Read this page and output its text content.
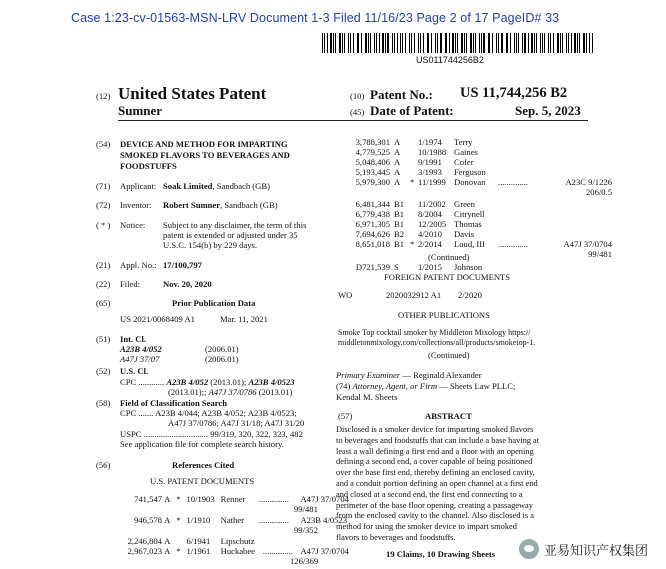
Case 1:23-cv-01563-MSN-LRV Document 1-3 Filed 11/16/23 Page 2 of 17 PageID# 33
US011744256B2
(12) United States Patent
Sumner
(10) Patent No.: US 11,744,256 B2
(45) Date of Patent:	Sep. 5, 2023
(54) DEVICE AND METHOD FOR IMPARTING
SMOKED FLAVORS TO BEVERAGES AND
FOODSTUFFS
(71) Applicant: Soak Limited, Sandbach (GB)
(72) Inventor: Robert Sumner, Sandbach (GB)
( * ) Notice: Subject to any disclaimer, the term of this
patent is extended or adjusted under 35
U.S.C. 154(b) by 229 days.
(21) Appl. No.: 17/100,797
(22) Filed:	Nov. 20, 2020
(65)	Prior Publication Data
US 2021/0068409 A1	Mar. 11, 2021
(51) Int. Cl.
A23B 4/052	(2006.01)
A47J 37/07	(2006.01)
(52) U.S. Cl.
CPC ............ A23B 4/052 (2013.01); A23B 4/0523
(2013.01);; A47J 37/0786 (2013.01)
(58) Field of Classification Search
CPC ....... A23B 4/044; A23B 4/052; A23B 4/0523;
A47J 37/0786; A47J 31/18; A47J 31/20
USPC .............................. 99/319, 320, 322, 323, 482
See application file for complete search history.
(56)	References Cited
U.S. PATENT DOCUMENTS
741,547 A * 10/1903 Renner .............. A47J 37/0704
99/481
946,578 A * 1/1910 Nather .............. A23B 4/0523
99/352
2,246,804 A 6/1941 Lipschutz
2,967,023 A * 1/1961 Huckabee .............. A47J 37/0704
126/369
3,788,301 A 1/1974 Terry
4,779,525 A 10/1988 Gaines
5,048,406 A 9/1991 Cofer
5,193,445 A 3/1993 Ferguson
5,979,300 A * 11/1999 Donovan ..............	A23C 9/1226
206/0.5
6,481,344 B1 11/2002 Green
6,779,438 B1 8/2004 Citrynell
6,971,305 B1 12/2005 Thomas
7,694,626 B2 4/2010 Davis
8,651,018 B1 * 2/2014 Loud, III ..............	A47J 37/0704
99/481
D721,539 S 1/2015 Johnson
(Continued)
FOREIGN PATENT DOCUMENTS
WO	2020032912 A1 2/2020
OTHER PUBLICATIONS
Smoke Top cocktail smoker by Middleton Mixology https://
middletonmixology.com/collections/all/products/smoketop-1.
(Continued)
Primary Examiner — Reginald Alexander
(74) Attorney, Agent, or Firm — Sheets Law PLLC;
Kendal M. Sheets
(57)	ABSTRACT
Disclosed is a smoker device for imparting smoked flavors
to beverages and foodstuffs that can include a base having at
least a wall defining a first end and a floor with an opening
defining a second end, a cover capable of being positioned
over the base first end, thereby defining an enclosed cavity,
and a conduit portion defining an open channel at a first end
and closed at a second end, the first end connecting to a
perimeter of the base floor opening, creating a passageway
from the enclosed cavity to the channel. Also disclosed is a
method for using the smoker device to impart smoked
flavors to beverages and foodstuffs.
19 Claims, 10 Drawing Sheets	亚易知识产权集团
